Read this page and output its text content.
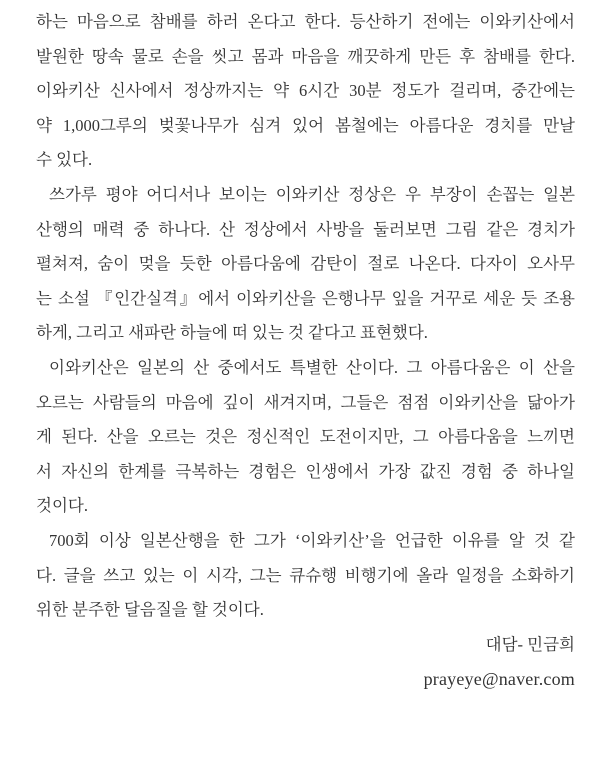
하는 마음으로 참배를 하러 온다고 한다. 등산하기 전에는 이와키산에서
발원한 땅속 물로 손을 씻고 몸과 마음을 깨끗하게 만든 후 참배를 한다.
이와키산 신사에서 정상까지는 약 6시간 30분 정도가 걸리며, 중간에는
약 1,000그루의 벚꽃나무가 심겨 있어 봄철에는 아름다운 경치를 만날
수 있다.
쓰가루 평야 어디서나 보이는 이와키산 정상은 우 부장이 손꼽는 일본
산행의 매력 중 하나다. 산 정상에서 사방을 둘러보면 그림 같은 경치가
펼쳐져, 숨이 멎을 듯한 아름다움에 감탄이 절로 나온다. 다자이 오사무
는 소설 『인간실격』에서 이와키산을 은행나무 잎을 거꾸로 세운 듯 조용
하게, 그리고 새파란 하늘에 떠 있는 것 같다고 표현했다.
이와키산은 일본의 산 중에서도 특별한 산이다. 그 아름다움은 이 산을
오르는 사람들의 마음에 깊이 새겨지며, 그들은 점점 이와키산을 닮아가
게 된다. 산을 오르는 것은 정신적인 도전이지만, 그 아름다움을 느끼면
서 자신의 한계를 극복하는 경험은 인생에서 가장 값진 경험 중 하나일
것이다.
700회 이상 일본산행을 한 그가 ‘이와키산’을 언급한 이유를 알 것 같
다. 글을 쓰고 있는 이 시각, 그는 큐슈행 비행기에 올라 일정을 소화하기
위한 분주한 달음질을 할 것이다.
대담- 민금희
prayeye@naver.com
